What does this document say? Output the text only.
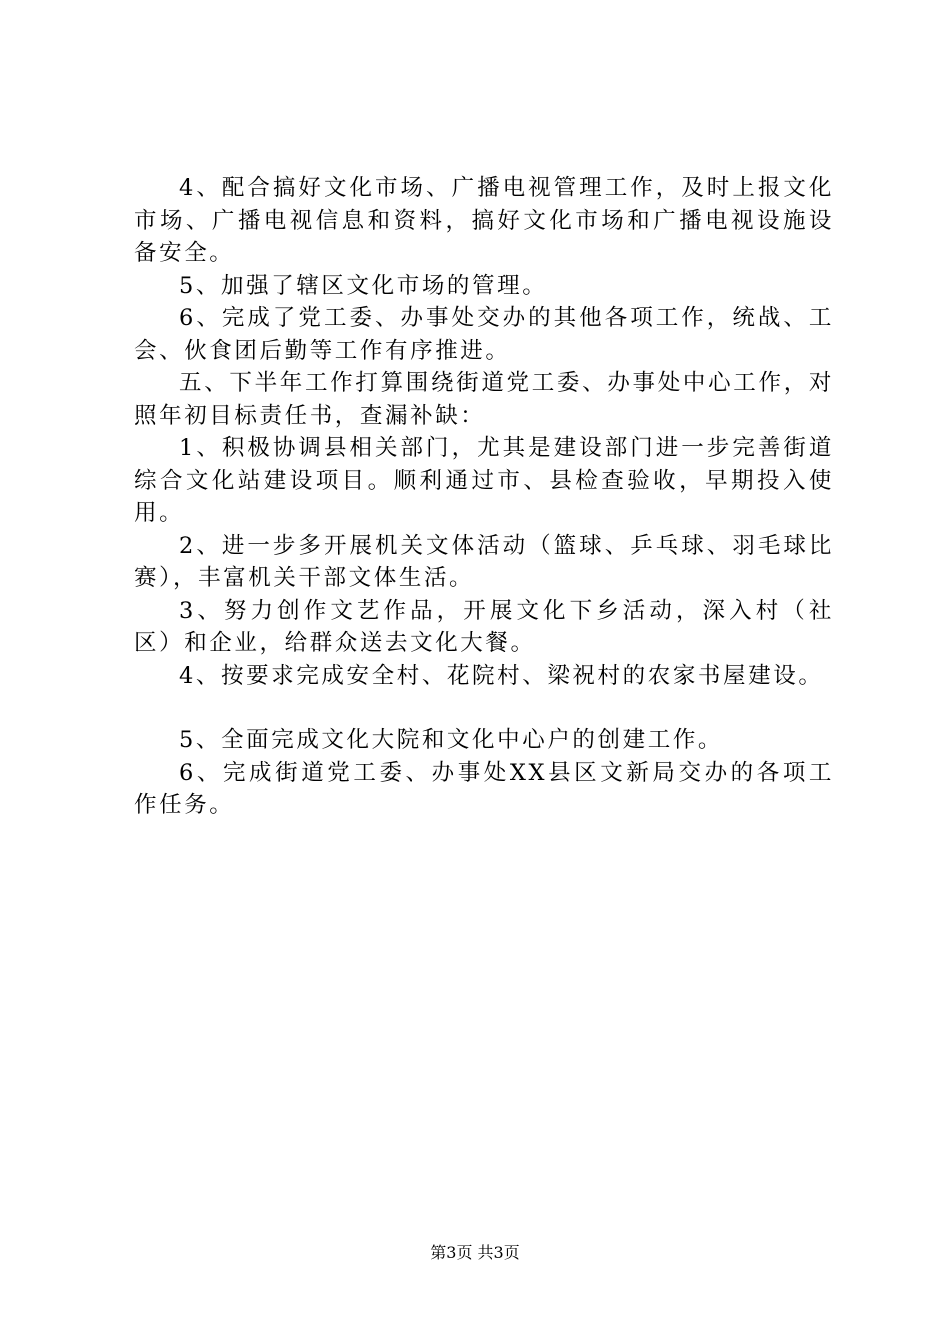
4、配合搞好文化市场、广播电视管理工作，及时上报文化市场、广播电视信息和资料，搞好文化市场和广播电视设施设备安全。

5、加强了辖区文化市场的管理。

6、完成了党工委、办事处交办的其他各项工作，统战、工会、伙食团后勤等工作有序推进。

五、下半年工作打算围绕街道党工委、办事处中心工作，对照年初目标责任书，查漏补缺：

1、积极协调县相关部门，尤其是建设部门进一步完善街道综合文化站建设项目。顺利通过市、县检查验收，早期投入使用。

2、进一步多开展机关文体活动（篮球、乒乓球、羽毛球比赛），丰富机关干部文体生活。

3、努力创作文艺作品，开展文化下乡活动，深入村（社区）和企业，给群众送去文化大餐。

4、按要求完成安全村、花院村、梁祝村的农家书屋建设。

5、全面完成文化大院和文化中心户的创建工作。

6、完成街道党工委、办事处XX县区文新局交办的各项工作任务。

第3页 共3页
